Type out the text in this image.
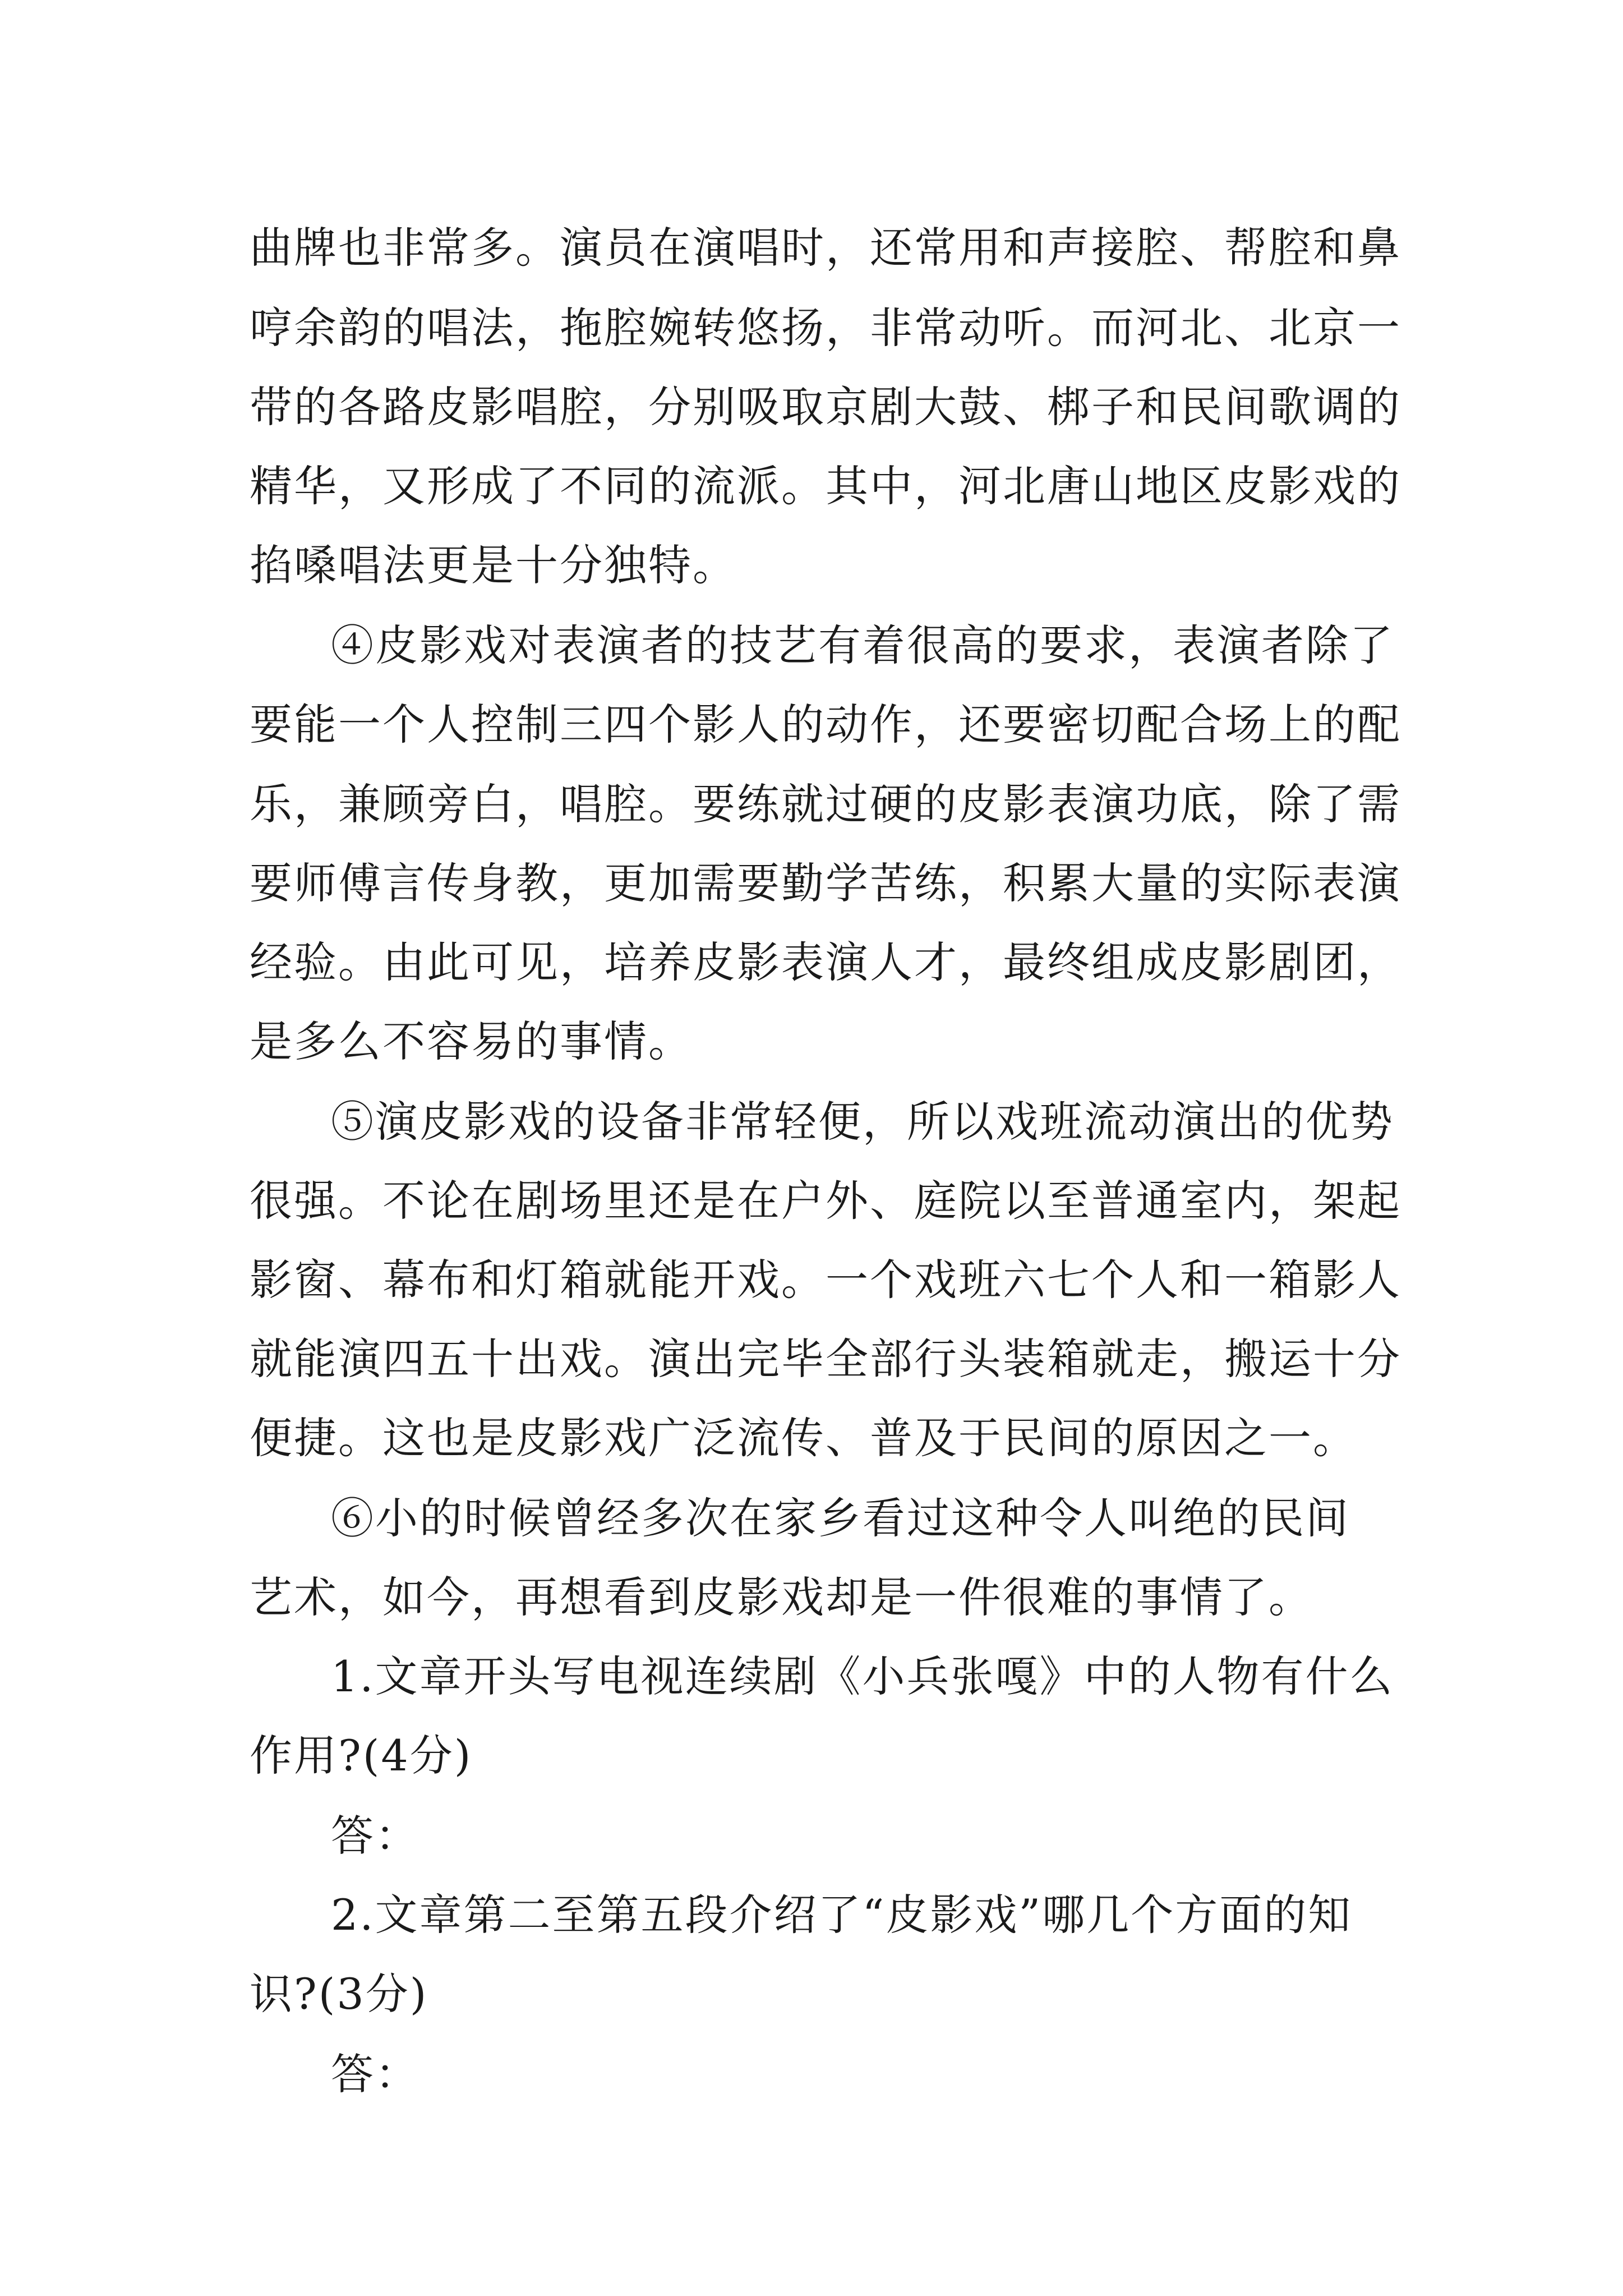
曲牌也非常多。演员在演唱时，还常用和声接腔、帮腔和鼻
哼余韵的唱法，拖腔婉转悠扬，非常动听。而河北、北京一
带的各路皮影唱腔，分别吸取京剧大鼓、梆子和民间歌调的
精华，又形成了不同的流派。其中，河北唐山地区皮影戏的
掐嗓唱法更是十分独特。
④皮影戏对表演者的技艺有着很高的要求，表演者除了
要能一个人控制三四个影人的动作，还要密切配合场上的配
乐，兼顾旁白，唱腔。要练就过硬的皮影表演功底，除了需
要师傅言传身教，更加需要勤学苦练，积累大量的实际表演
经验。由此可见，培养皮影表演人才，最终组成皮影剧团，
是多么不容易的事情。
⑤演皮影戏的设备非常轻便，所以戏班流动演出的优势
很强。不论在剧场里还是在户外、庭院以至普通室内，架起
影窗、幕布和灯箱就能开戏。一个戏班六七个人和一箱影人
就能演四五十出戏。演出完毕全部行头装箱就走，搬运十分
便捷。这也是皮影戏广泛流传、普及于民间的原因之一。
⑥小的时候曾经多次在家乡看过这种令人叫绝的民间
艺术，如今，再想看到皮影戏却是一件很难的事情了。
1.文章开头写电视连续剧《小兵张嘎》中的人物有什么
作用?(4分)
答：
2.文章第二至第五段介绍了“皮影戏”哪几个方面的知
识?(3分)
答：
